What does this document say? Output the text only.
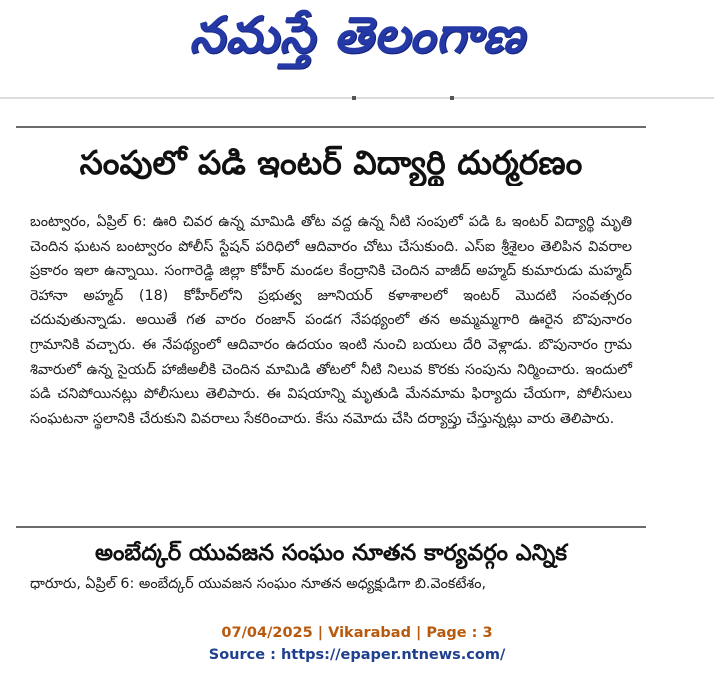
నమస్తే తెలంగాణ
సంపులో పడి ఇంటర్ విద్యార్థి దుర్మరణం

బంట్వారం, ఏప్రిల్ 6: ఊరి చివర ఉన్న మామిడి తోట వద్ద ఉన్న నీటి సంపులో పడి ఓ ఇంటర్ విద్యార్థి మృతి చెందిన ఘటన బంట్వారం పోలీస్ స్టేషన్ పరిధిలో ఆదివారం చోటు చేసుకుంది. ఎస్ఐ శ్రీశైలం తెలిపిన వివరాల ప్రకారం ఇలా ఉన్నాయి. సంగారెడ్డి జిల్లా కోహీర్ మండల కేంద్రానికి చెందిన వాజీద్ అహ్మద్ కుమారుడు మహ్మద్ రెహానా అహ్మద్ (18) కోహీర్‌లోని ప్రభుత్వ జూనియర్ కళాశాలలో ఇంటర్ మొదటి సంవత్సరం చదువుతున్నాడు. అయితే గత వారం రంజాన్ పండగ నేపథ్యంలో తన అమ్మమ్మగారి ఊరైన బొపునారం గ్రామానికి వచ్చారు. ఈ నేపథ్యంలో ఆదివారం ఉదయం ఇంటి నుంచి బయలు దేరి వెళ్లాడు. బొపునారం గ్రామ శివారులో ఉన్న సైయద్ హాజీఅలీకి చెందిన మామిడి తోటలో నీటి నిలువ కొరకు సంపును నిర్మించారు. ఇందులో పడి చనిపోయినట్లు పోలీసులు తెలిపారు. ఈ విషయాన్ని మృతుడి మేనమామ ఫిర్యాదు చేయగా, పోలీసులు సంఘటనా స్థలానికి చేరుకుని వివరాలు సేకరించారు. కేసు నమోదు చేసి దర్యాప్తు చేస్తున్నట్లు వారు తెలిపారు.

అంబేద్కర్ యువజన సంఘం నూతన కార్యవర్గం ఎన్నిక

ధారూరు, ఏప్రిల్ 6: అంబేద్కర్ యువజన సంఘం నూతన అధ్యక్షుడిగా బి.వెంకటేశం,

07/04/2025 | Vikarabad | Page : 3
Source : https://epaper.ntnews.com/
